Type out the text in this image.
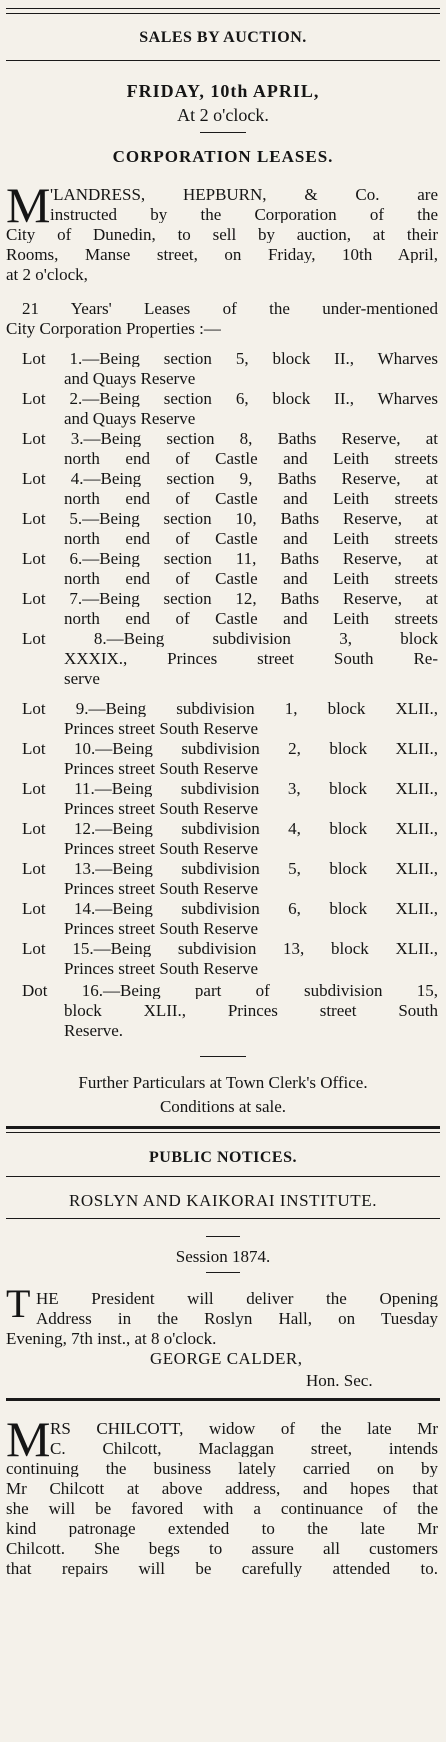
SALES BY AUCTION.
FRIDAY, 10th APRIL,
At 2 o'clock.
CORPORATION LEASES.
M 'LANDRESS, HEPBURN, & Co. are
instructed by the Corporation of the
City of Dunedin, to sell by auction, at their
Rooms, Manse street, on Friday, 10th April,
at 2 o'clock,
21 Years' Leases of the under-mentioned
City Corporation Properties :—
Lot 1.—Being section 5, block II., Wharves
and Quays Reserve
Lot 2.—Being section 6, block II., Wharves
and Quays Reserve
Lot 3.—Being section 8, Baths Reserve, at
north end of Castle and Leith streets
Lot 4.—Being section 9, Baths Reserve, at
north end of Castle and Leith streets
Lot 5.—Being section 10, Baths Reserve, at
north end of Castle and Leith streets
Lot 6.—Being section 11, Baths Reserve, at
north end of Castle and Leith streets
Lot 7.—Being section 12, Baths Reserve, at
north end of Castle and Leith streets
Lot 8.—Being subdivision 3, block
XXXIX., Princes street South Re-
serve
Lot 9.—Being subdivision 1, block XLII.,
Princes street South Reserve
Lot 10.—Being subdivision 2, block XLII.,
Princes street South Reserve
Lot 11.—Being subdivision 3, block XLII.,
Princes street South Reserve
Lot 12.—Being subdivision 4, block XLII.,
Princes street South Reserve
Lot 13.—Being subdivision 5, block XLII.,
Princes street South Reserve
Lot 14.—Being subdivision 6, block XLII.,
Princes street South Reserve
Lot 15.—Being subdivision 13, block XLII.,
Princes street South Reserve
Dot 16.—Being part of subdivision 15,
block XLII., Princes street South
Reserve.
Further Particulars at Town Clerk's Office.
Conditions at sale.
PUBLIC NOTICES.
ROSLYN AND KAIKORAI INSTITUTE.
Session 1874.
T HE President will deliver the Opening
Address in the Roslyn Hall, on Tuesday
Evening, 7th inst., at 8 o'clock.
GEORGE CALDER,
Hon. Sec.
M RS CHILCOTT, widow of the late Mr
C. Chilcott, Maclaggan street, intends
continuing the business lately carried on by
Mr Chilcott at above address, and hopes that
she will be favored with a continuance of the
kind patronage extended to the late Mr
Chilcott. She begs to assure all customers
that repairs will be carefully attended to.
